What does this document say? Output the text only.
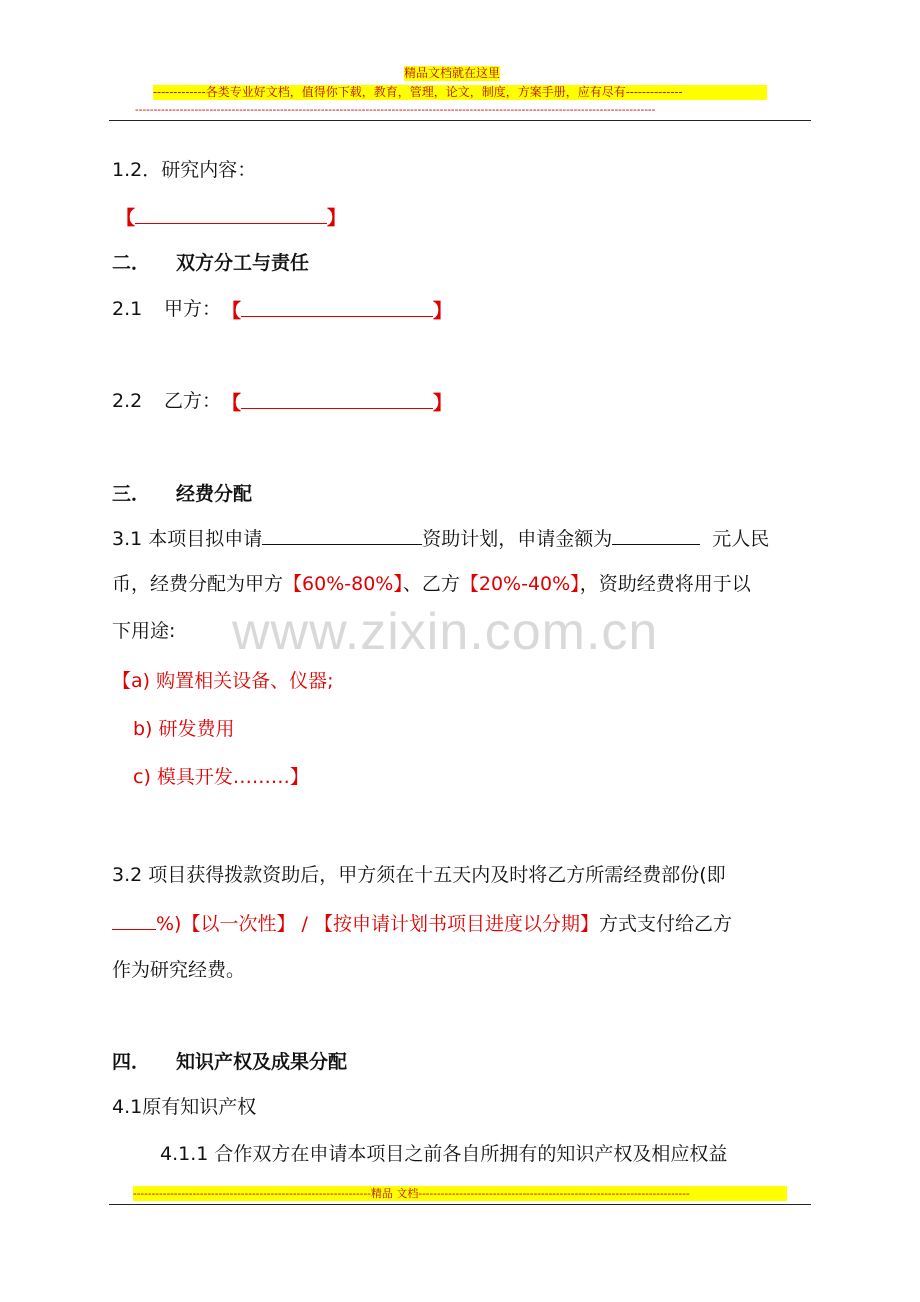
精品文档就在这里
-------------各类专业好文档，值得你下载，教育，管理，论文，制度，方案手册，应有尽有--------------
--------------------------------------------------------------------------------------------------------------------------------------------
www.zixin.com.cn
1.2．研究内容：
【	】
二． 双方分工与责任
2.1 甲方： 【	】
2.2 乙方： 【	】
三． 经费分配
3.1 本项目拟申请	资助计划，申请金额为	元人民
币，经费分配为甲方【60%-80%】、乙方【20%-40%】，资助经费将用于以
下用途:
【a) 购置相关设备、仪器;
b) 研发费用
c) 模具开发………】
3.2 项目获得拨款资助后，甲方须在十五天内及时将乙方所需经费部份(即
%)【以一次性】 / 【按申请计划书项目进度以分期】方式支付给乙方
作为研究经费。
四． 知识产权及成果分配
4.1原有知识产权
4.1.1 合作双方在申请本项目之前各自所拥有的知识产权及相应权益
----------------------------------------------------------------精品 文档-------------------------------------------------------------------------
